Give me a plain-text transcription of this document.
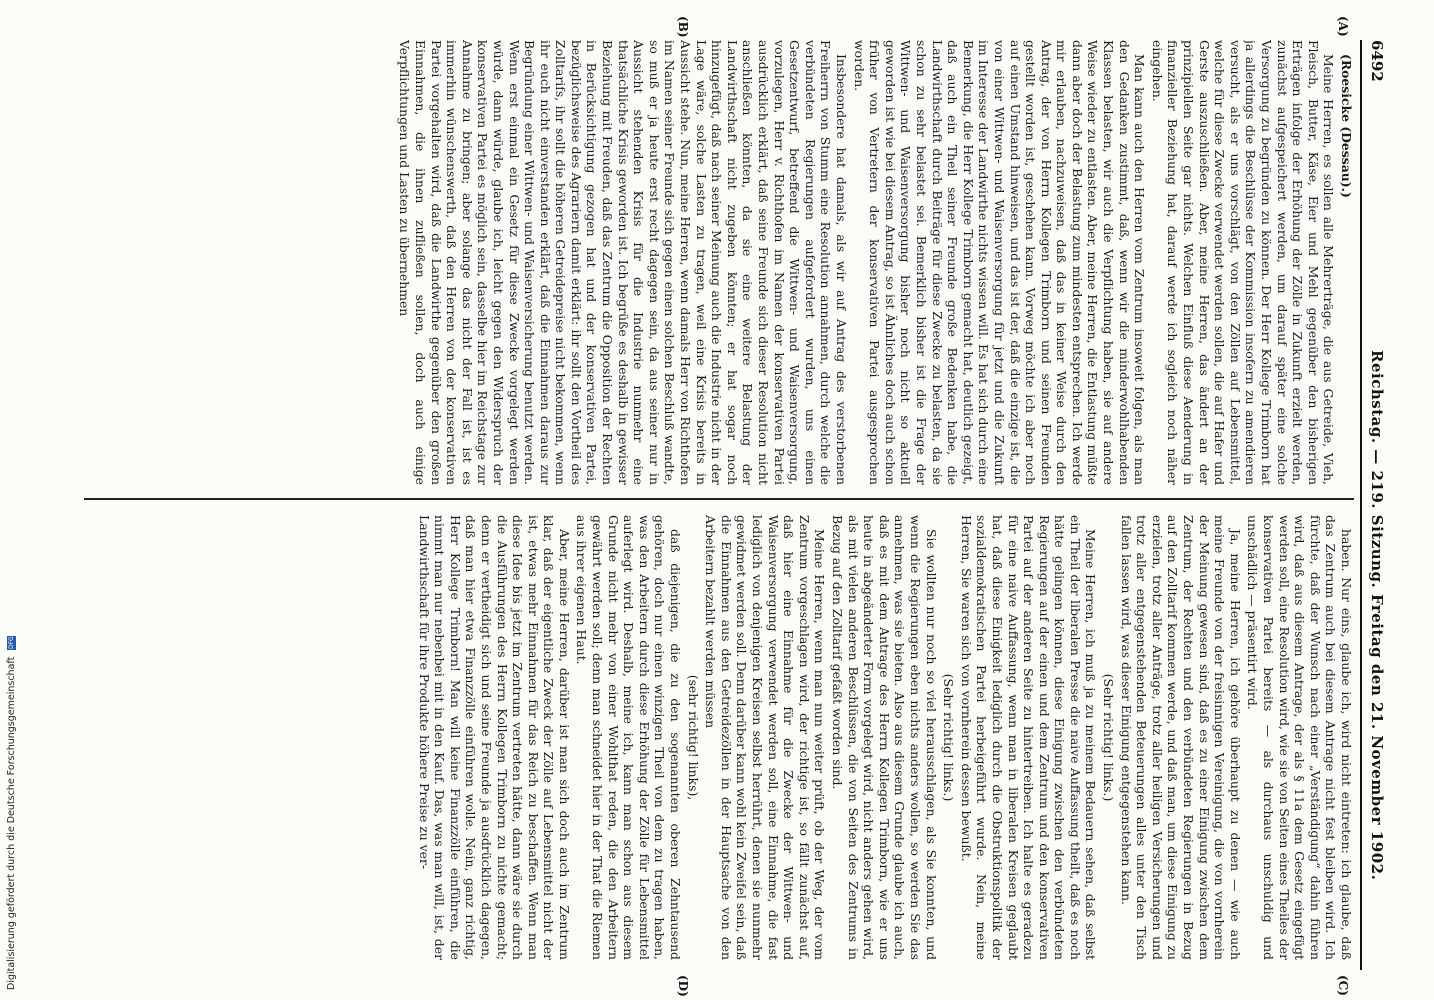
6492
Reichstag. — 219. Sitzung. Freitag den 21. November 1902.
(A)
(B)
(C)
(D)

(Roesicke (Dessau).)

Meine Herren, es sollen alle Mehrerträge, die aus Getreide, Vieh, Fleisch, Butter, Käse, Eier und Mehl gegenüber den bisherigen Erträgen infolge der Erhöhung der Zölle in Zukunft erzielt werden, zunächst aufgespeichert werden, um darauf später eine solche Versorgung zu begründen zu können. Der Herr Kollege Trimborn hat ja allerdings die Beschlüsse der Kommission insofern zu amendieren versucht, als er uns vorschlägt, von den Zöllen auf Lebensmittel, welche für diese Zwecke verwendet werden sollen, die auf Hafer und Gerste auszuschließen. Aber, meine Herren, das ändert an der prinzipiellen Seite gar nichts. Welchen Einfluß diese Aenderung in finanzieller Beziehung hat, darauf werde ich sogleich noch näher eingehen.

Man kann auch den Herren vom Zentrum insoweit folgen, als man den Gedanken zustimmt, daß, wenn wir die minderwohlhabenden Klassen belasten, wir auch die Verpflichtung haben, sie auf andere Weise wieder zu entlasten. Aber, meine Herren, die Entlastung müßte dann aber doch der Belastung zum mindesten entsprechen. Ich werde mir erlauben, nachzuweisen, daß das in keiner Weise durch den Antrag, der von Herrn Kollegen Trimborn und seinen Freunden gestellt worden ist, geschehen kann. Vorweg möchte ich aber noch auf einen Umstand hinweisen, und das ist der, daß die einzige ist, die von einer Wittwen- und Waisenversorgung für jetzt und die Zukunft im Interesse der Landwirthe nichts wissen will. Es hat sich durch eine Bemerkung, die Herr Kollege Trimborn gemacht hat, deutlich gezeigt, daß auch ein Theil seiner Freunde große Bedenken habe, die Landwirthschaft durch Beiträge für diese Zwecke zu belasten, da sie schon zu sehr belastet sei. Bemerklich bisher ist die Frage der Wittwen- und Waisenversorgung bisher noch nicht so aktuell geworden ist wie bei diesem Antrag, so ist Ähnliches doch auch schon früher von Vertretern der konservativen Partei ausgesprochen worden.

Insbesondere hat damals, als wir auf Antrag des verstorbenen Freiherrn von Stumm eine Resolution annahmen, durch welche die verbündeten Regierungen aufgefordert wurden, uns einen Gesetzentwurf, betreffend die Wittwen- und Waisenversorgung, vorzulegen, Herr v. Richthofen im Namen der konservativen Partei ausdrücklich erklärt, daß seine Freunde sich dieser Resolution nicht anschließen könnten, da sie eine weitere Belastung der Landwirthschaft nicht zugeben könnten; er hat sogar noch hinzugefügt, daß nach seiner Meinung auch die Industrie nicht in der Lage wäre, solche Lasten zu tragen, weil eine Krisis bereits in Aussicht stehe. Nun, meine Herren, wenn damals Herr von Richthofen im Namen seiner Freunde sich gegen einen solchen Beschluß wandte, so muß er ja heute erst recht dagegen sein, da aus seiner nur in Aussicht stehenden Krisis für die Industrie nunmehr eine thatsächliche Krisis geworden ist. Ich begrüße es deshalb in gewisser Beziehung mit Freuden, daß das Zentrum die Opposition der Rechten in Berücksichtigung gezogen hat und der konservativen Partei, bezüglichsweise des Agrariern damit erklärt: ihr sollt den Vortheil des Zolltarifs, ihr sollt die höheren Getreidepreise nicht bekommen, wenn ihr euch nicht einverstanden erklärt, daß die Einnahmen daraus zur Begründung einer Wittwen- und Waisenversicherung benutzt werden. Wenn erst einmal ein Gesetz für diese Zwecke vorgelegt werden würde, dann würde, glaube ich, leicht gegen den Widerspruch der konservativen Partei es möglich sein, dasselbe hier im Reichstage zur Annahme zu bringen; aber solange das nicht der Fall ist, ist es immerhin wünschenswerth, daß den Herren von der konservativen Partei vorgehalten wird, daß die Landwirthe gegenüber den großen Einnahmen, die ihnen zufließen sollen, doch auch einige Verpflichtungen und Lasten zu übernehmen

haben. Nur eins, glaube ich, wird nicht eintreten: ich glaube, daß das Zentrum auch bei diesem Antrage nicht fest bleiben wird. Ich fürchte, daß der Wunsch nach einer „Verständigung“ dahin führen wird, daß aus diesem Antrage, der als § 11a dem Gesetz eingefügt werden soll, eine Resolution wird, wie sie von Seiten eines Theiles der konservativen Partei bereits — als durchaus unschuldig und unschädlich — präsentirt wird.

Ja, meine Herren, ich gehöre überhaupt zu denen — wie auch meine Freunde von der freisinnigen Vereinigung, die von vornherein der Meinung gewesen sind, daß es zu einer Einigung zwischen dem Zentrum, der Rechten und den verbündeten Regierungen in Bezug auf den Zolltarif kommen werde, und daß man, um diese Einigung zu erzielen, trotz aller Anträge, trotz aller heiligen Versicherungen und trotz aller entgegenstehenden Beteuerungen alles unter den Tisch fallen lassen wird, was dieser Einigung entgegenstehen kann.

(Sehr richtig! links.)

Meine Herren, ich muß ja zu meinem Bedauern sehen, daß selbst ein Theil der liberalen Presse die naive Auffassung theilt, daß es noch hätte gelingen können, diese Einigung zwischen den verbündeten Regierungen auf der einen und dem Zentrum und den konservativen Partei auf der anderen Seite zu hintertreiben. Ich halte es geradezu für eine naive Auffassung, wenn man in liberalen Kreisen geglaubt hat, daß diese Einigkeit lediglich durch die Obstruktionspolitik der sozialdemokratischen Partei herbeigeführt wurde. Nein, meine Herren, Sie waren sich von vornherein dessen bewußt.

(Sehr richtig! links.)

Sie wollten nur noch so viel herausschlagen, als Sie konnten, und wenn die Regierungen eben nichts anders wollen, so werden Sie das annehmen, was sie bieten. Also aus diesem Grunde glaube ich auch, daß es mit dem Antrage des Herrn Kollegen Trimborn, wie er uns heute in abgeänderter Form vorgelegt wird, nicht anders gehen wird, als mit vielen anderen Beschlüssen, die von Seiten des Zentrums in Bezug auf den Zolltarif gefaßt worden sind.

Meine Herren, wenn man nun weiter prüft, ob der Weg, der vom Zentrum vorgeschlagen wird, der richtige ist, so fällt zunächst auf, daß hier eine Einnahme für die Zwecke der Wittwen- und Waisenversorgung verwendet werden soll, eine Einnahme, die fast lediglich von denjenigen Kreisen selbst herrührt, denen sie nunmehr gewidmet werden soll. Denn darüber kann wohl kein Zweifel sein, daß die Einnahmen aus den Getreidezöllen in der Hauptsache von den Arbeitern bezahlt werden müssen

(sehr richtig! links),

daß diejenigen, die zu den sogenannten oberen Zehntausend gehören, doch nur einen winzigen Theil von dem zu tragen haben, was den Arbeitern durch diese Erhöhung der Zölle für Lebensmittel auferlegt wird. Deshalb, meine ich, kann man schon aus diesem Grunde nicht mehr von einer Wohlthat reden, die den Arbeitern gewährt werden soll; denn man schneidet hier in der That die Riemen aus ihrer eigenen Haut.

Aber, meine Herren, darüber ist man sich doch auch im Zentrum klar, daß der eigentliche Zweck der Zölle auf Lebensmittel nicht der ist, etwas mehr Einnahmen für das Reich zu beschaffen. Wenn man diese Idee bis jetzt im Zentrum vertreten hätte, dann wäre sie durch die Ausführungen des Herrn Kollegen Trimborn zu nichte gemacht; denn er vertheidigt sich und seine Freunde ja ausdrücklich dagegen, daß man hier etwa Finanzzölle einführen wolle. Nein, ganz richtig, Herr Kollege Trimborn! Man will keine Finanzzölle einführen, die nimmt man nur nebenbei mit in den Kauf. Das, was man will, ist, der Landwirthschaft für ihre Produkte höhere Preise zu ver-

Digitalisierung gefördert durch die Deutsche Forschungsgemeinschaft DFG
